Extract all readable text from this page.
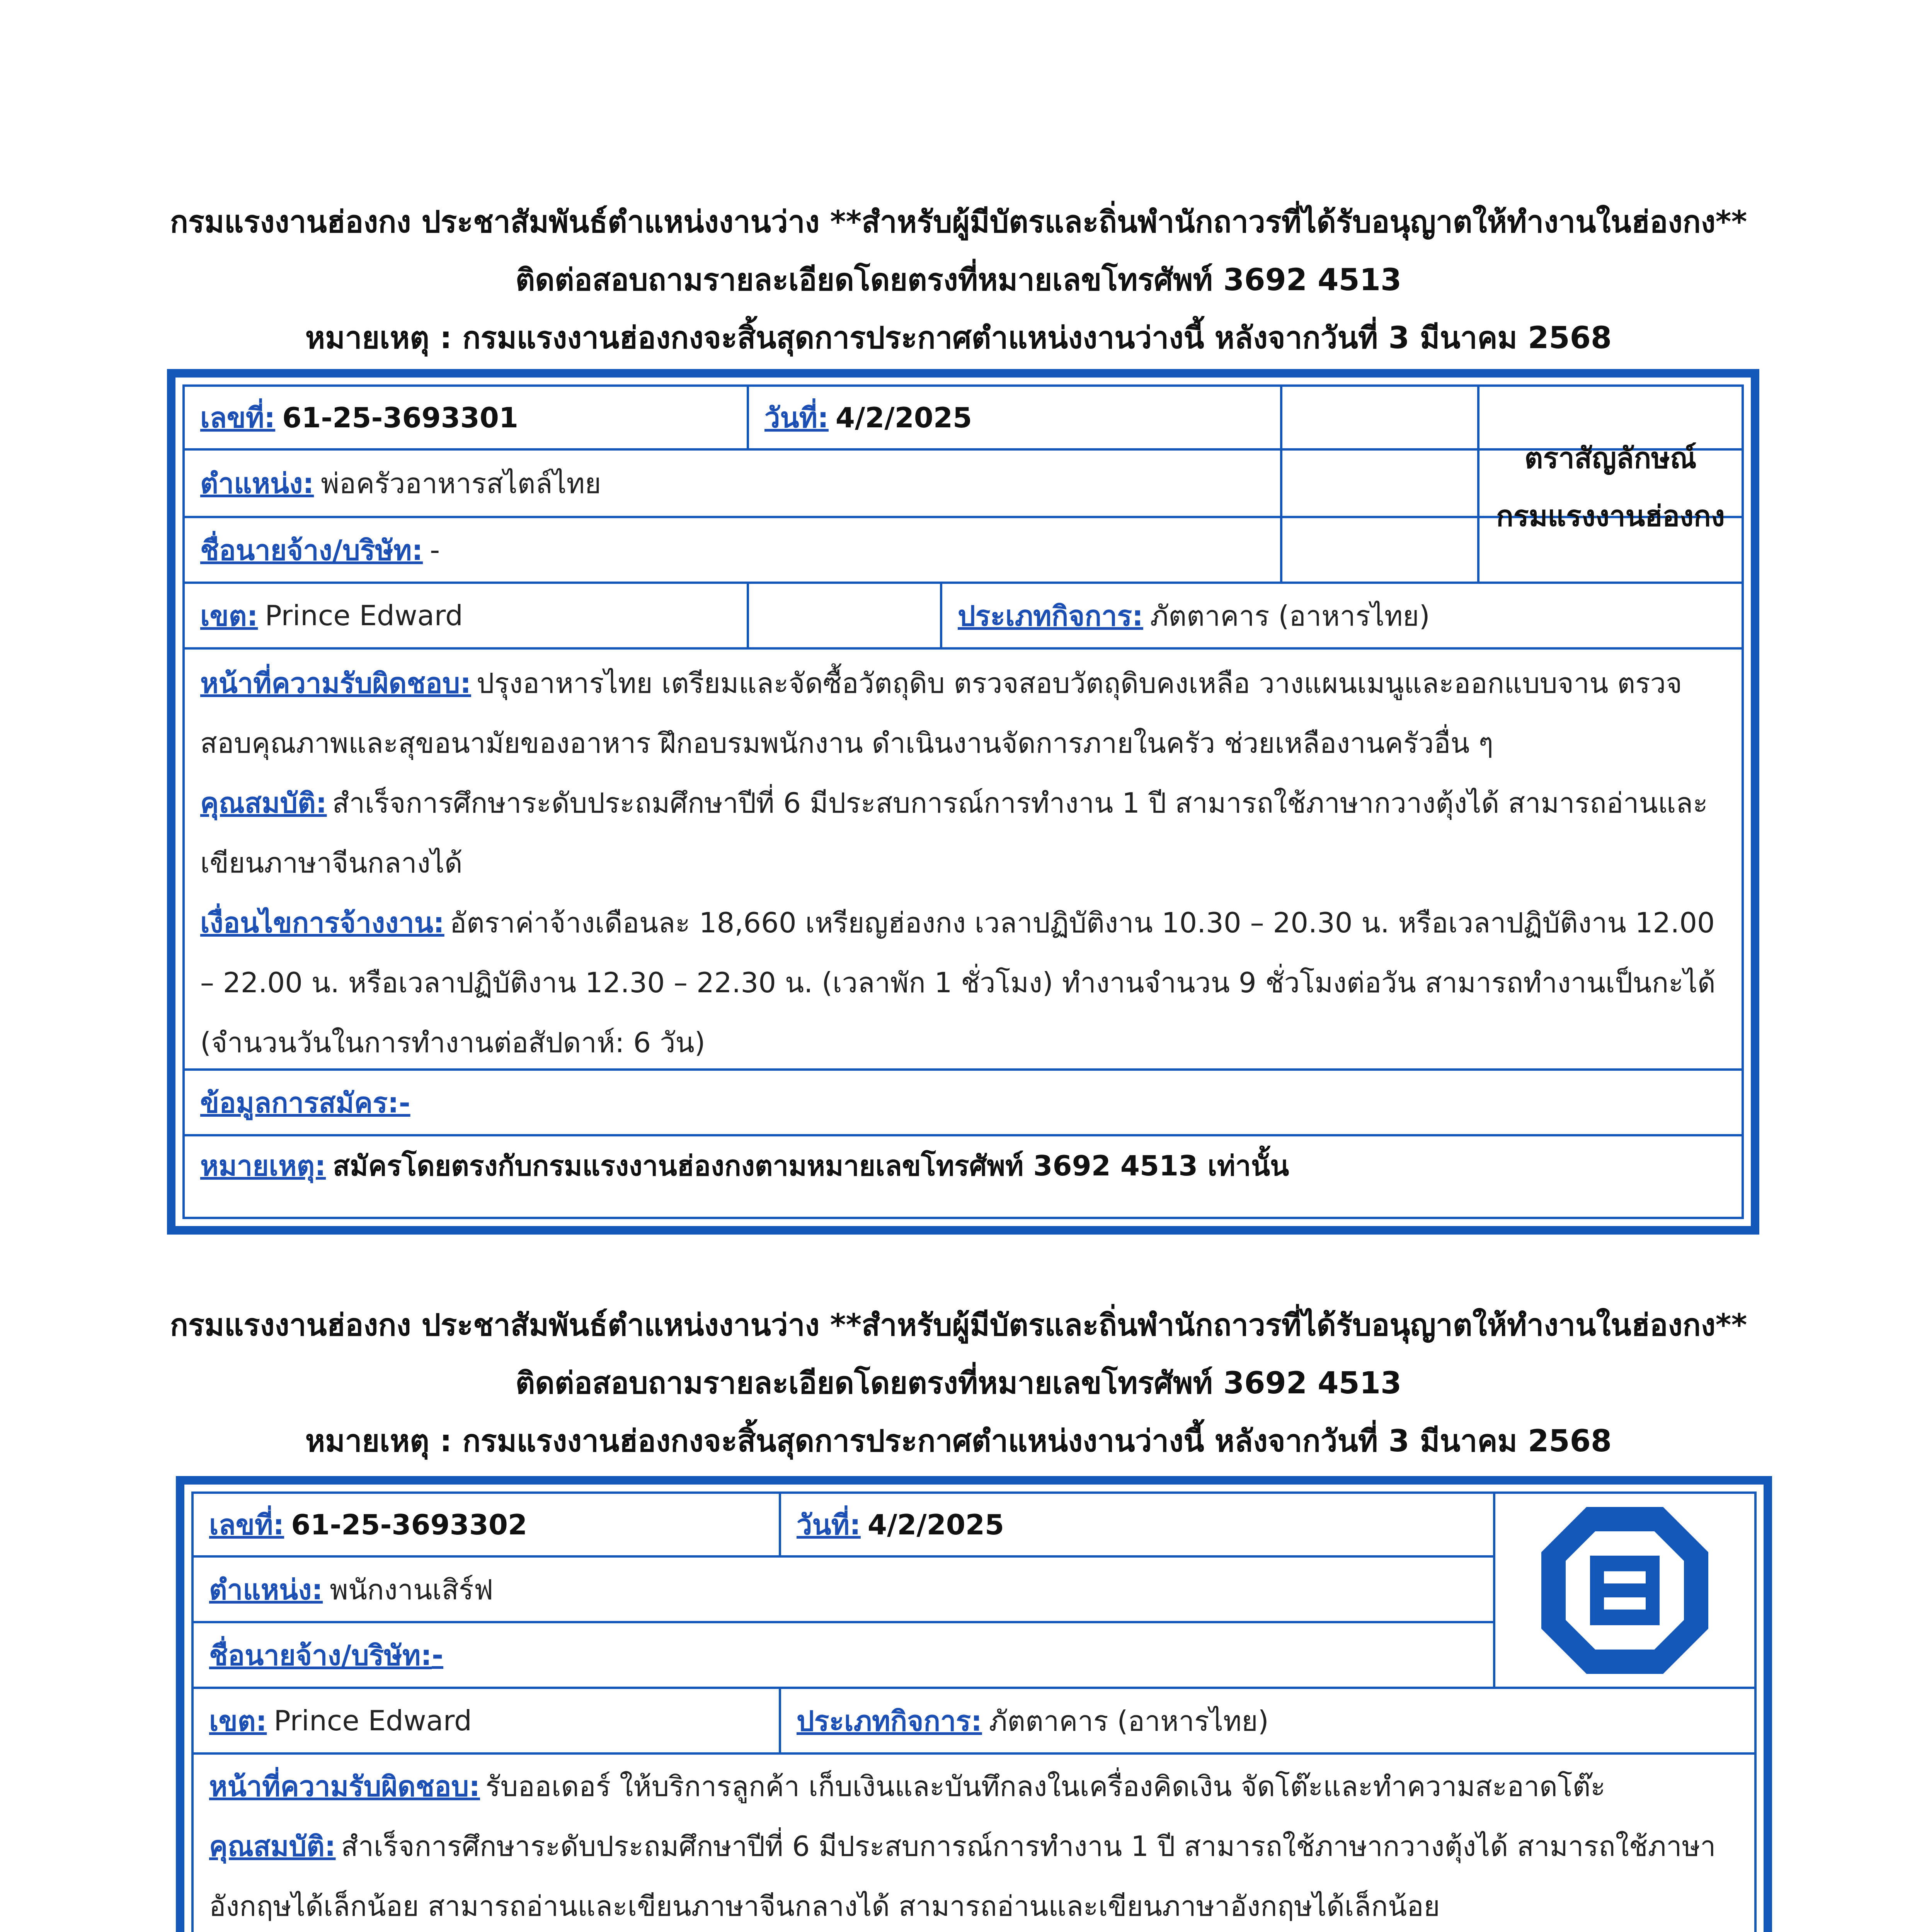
กรมแรงงานฮ่องกง ประชาสัมพันธ์ตำแหน่งงานว่าง **สำหรับผู้มีบัตรและถิ่นพำนักถาวรที่ได้รับอนุญาตให้ทำงานในฮ่องกง**
ติดต่อสอบถามรายละเอียดโดยตรงที่หมายเลขโทรศัพท์ 3692 4513
หมายเหตุ : กรมแรงงานฮ่องกงจะสิ้นสุดการประกาศตำแหน่งงานว่างนี้ หลังจากวันที่ 3 มีนาคม 2568
เลขที่: 61-25-3693301	วันที่: 4/2/2025
ตำแหน่ง: พ่อครัวอาหารสไตล์ไทย
ชื่อนายจ้าง/บริษัท: -
ตราสัญลักษณ์
กรมแรงงานฮ่องกง
เขต: Prince Edward	ประเภทกิจการ: ภัตตาคาร (อาหารไทย)
หน้าที่ความรับผิดชอบ: ปรุงอาหารไทย เตรียมและจัดซื้อวัตถุดิบ ตรวจสอบวัตถุดิบคงเหลือ วางแผนเมนูและออกแบบจาน ตรวจสอบคุณภาพและสุขอนามัยของอาหาร ฝึกอบรมพนักงาน ดำเนินงานจัดการภายในครัว ช่วยเหลืองานครัวอื่น ๆ
คุณสมบัติ: สำเร็จการศึกษาระดับประถมศึกษาปีที่ 6 มีประสบการณ์การทำงาน 1 ปี สามารถใช้ภาษากวางตุ้งได้ สามารถอ่านและเขียนภาษาจีนกลางได้
เงื่อนไขการจ้างงาน: อัตราค่าจ้างเดือนละ 18,660 เหรียญฮ่องกง เวลาปฏิบัติงาน 10.30 – 20.30 น. หรือเวลาปฏิบัติงาน 12.00 – 22.00 น. หรือเวลาปฏิบัติงาน 12.30 – 22.30 น. (เวลาพัก 1 ชั่วโมง) ทำงานจำนวน 9 ชั่วโมงต่อวัน สามารถทำงานเป็นกะได้ (จำนวนวันในการทำงานต่อสัปดาห์: 6 วัน)
ข้อมูลการสมัคร:-
หมายเหตุ: สมัครโดยตรงกับกรมแรงงานฮ่องกงตามหมายเลขโทรศัพท์ 3692 4513 เท่านั้น
กรมแรงงานฮ่องกง ประชาสัมพันธ์ตำแหน่งงานว่าง **สำหรับผู้มีบัตรและถิ่นพำนักถาวรที่ได้รับอนุญาตให้ทำงานในฮ่องกง**
ติดต่อสอบถามรายละเอียดโดยตรงที่หมายเลขโทรศัพท์ 3692 4513
หมายเหตุ : กรมแรงงานฮ่องกงจะสิ้นสุดการประกาศตำแหน่งงานว่างนี้ หลังจากวันที่ 3 มีนาคม 2568
เลขที่: 61-25-3693302	วันที่: 4/2/2025
ตำแหน่ง: พนักงานเสิร์ฟ
ชื่อนายจ้าง/บริษัท: -
เขต: Prince Edward	ประเภทกิจการ: ภัตตาคาร (อาหารไทย)
หน้าที่ความรับผิดชอบ: รับออเดอร์ ให้บริการลูกค้า เก็บเงินและบันทึกลงในเครื่องคิดเงิน จัดโต๊ะและทำความสะอาดโต๊ะ
คุณสมบัติ: สำเร็จการศึกษาระดับประถมศึกษาปีที่ 6 มีประสบการณ์การทำงาน 1 ปี สามารถใช้ภาษากวางตุ้งได้ สามารถใช้ภาษาอังกฤษได้เล็กน้อย สามารถอ่านและเขียนภาษาจีนกลางได้ สามารถอ่านและเขียนภาษาอังกฤษได้เล็กน้อย
